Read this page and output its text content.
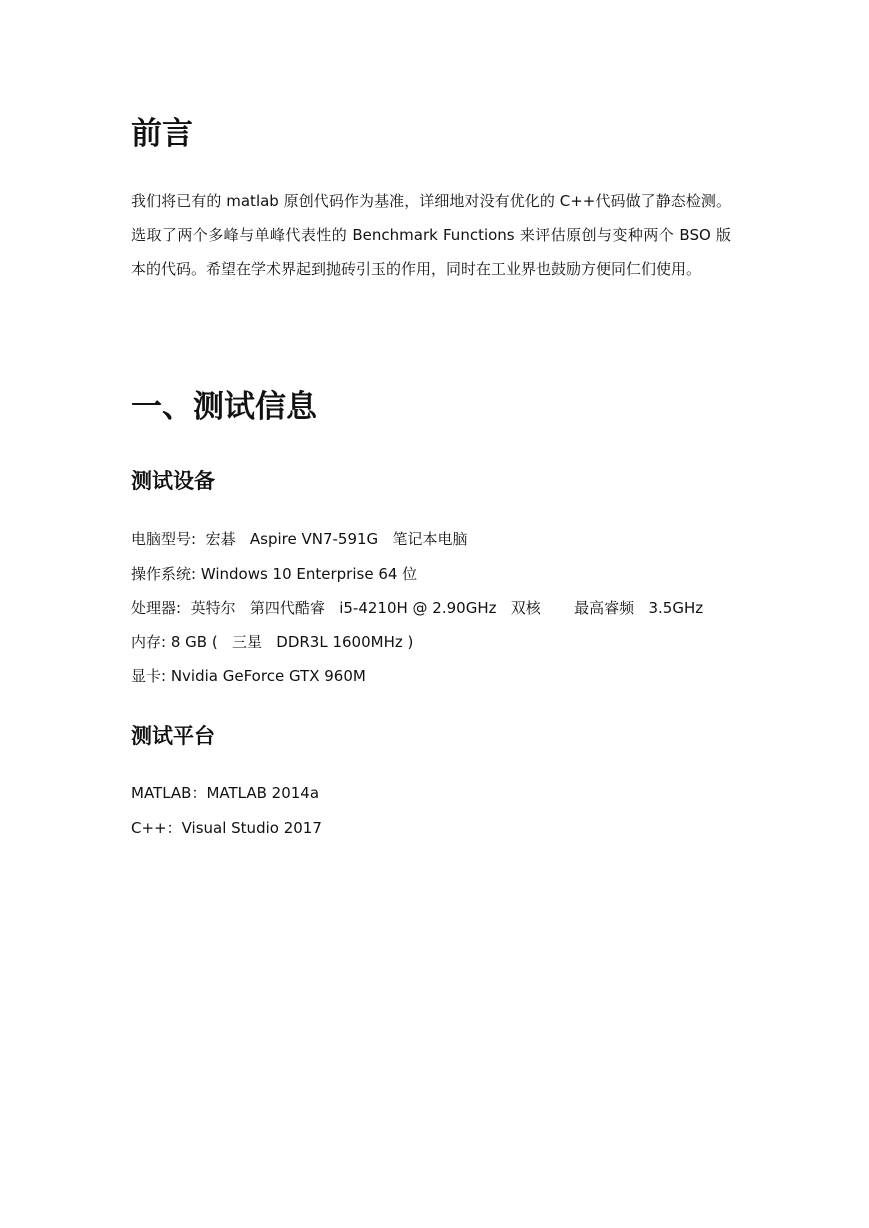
前言

我们将已有的 matlab 原创代码作为基准，详细地对没有优化的 C++代码做了静态检测。选取了两个多峰与单峰代表性的 Benchmark Functions 来评估原创与变种两个 BSO 版本的代码。希望在学术界起到抛砖引玉的作用，同时在工业界也鼓励方便同仁们使用。

一、测试信息
测试设备

电脑型号:  宏碁   Aspire VN7-591G   笔记本电脑

操作系统: Windows 10 Enterprise 64 位

处理器:  英特尔   第四代酷睿   i5-4210H @ 2.90GHz   双核       最高睿频   3.5GHz

内存: 8 GB (   三星   DDR3L 1600MHz )

显卡: Nvidia GeForce GTX 960M

测试平台

MATLAB：MATLAB 2014a

C++：Visual Studio 2017
